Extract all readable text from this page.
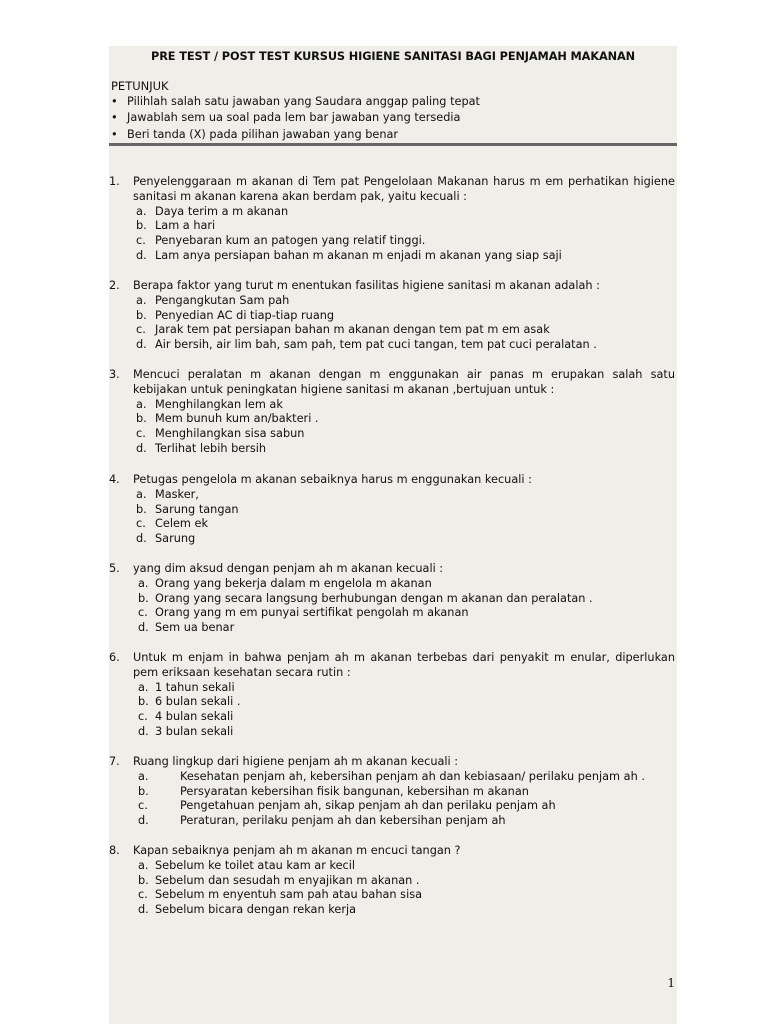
PRE TEST / POST TEST KURSUS HIGIENE SANITASI BAGI PENJAMAH MAKANAN
PETUNJUK
• Pilihlah salah satu jawaban yang Saudara anggap paling tepat
• Jawablah sem ua soal pada lem bar jawaban yang tersedia
• Beri tanda (X) pada pilihan jawaban yang benar
1. Penyelenggaraan m akanan di Tem pat Pengelolaan Makanan harus m em perhatikan higiene sanitasi m akanan karena akan berdam pak, yaitu kecuali :
a. Daya terim a m akanan
b. Lam a hari
c. Penyebaran kum an patogen yang relatif tinggi.
d. Lam anya persiapan bahan m akanan m enjadi m akanan yang siap saji
2. Berapa faktor yang turut m enentukan fasilitas higiene sanitasi m akanan adalah :
a. Pengangkutan Sam pah
b. Penyedian AC di tiap-tiap ruang
c. Jarak tem pat persiapan bahan m akanan dengan tem pat m em asak
d. Air bersih, air lim bah, sam pah, tem pat cuci tangan, tem pat cuci peralatan .
3. Mencuci peralatan m akanan dengan m enggunakan air panas m erupakan salah satu kebijakan untuk peningkatan higiene sanitasi m akanan ,bertujuan untuk :
a. Menghilangkan lem ak
b. Mem bunuh kum an/bakteri .
c. Menghilangkan sisa sabun
d. Terlihat lebih bersih
4. Petugas pengelola m akanan sebaiknya harus m enggunakan kecuali :
a. Masker,
b. Sarung tangan
c. Celem ek
d. Sarung
5. yang dim aksud dengan penjam ah m akanan kecuali :
a. Orang yang bekerja dalam m engelola m akanan
b. Orang yang secara langsung berhubungan dengan m akanan dan peralatan .
c. Orang yang m em punyai sertifikat pengolah m akanan
d. Sem ua benar
6. Untuk m enjam in bahwa penjam ah m akanan terbebas dari penyakit m enular, diperlukan pem eriksaan kesehatan secara rutin :
a. 1 tahun sekali
b. 6 bulan sekali .
c. 4 bulan sekali
d. 3 bulan sekali
7. Ruang lingkup dari higiene penjam ah m akanan kecuali :
a.	Kesehatan penjam ah, kebersihan penjam ah dan kebiasaan/ perilaku penjam ah .
b.	Persyaratan kebersihan fisik bangunan, kebersihan m akanan
c.	Pengetahuan penjam ah, sikap penjam ah dan perilaku penjam ah
d.	Peraturan, perilaku penjam ah dan kebersihan penjam ah
8. Kapan sebaiknya penjam ah m akanan m encuci tangan ?
a. Sebelum ke toilet atau kam ar kecil
b. Sebelum dan sesudah m enyajikan m akanan .
c. Sebelum m enyentuh sam pah atau bahan sisa
d. Sebelum bicara dengan rekan kerja
1
